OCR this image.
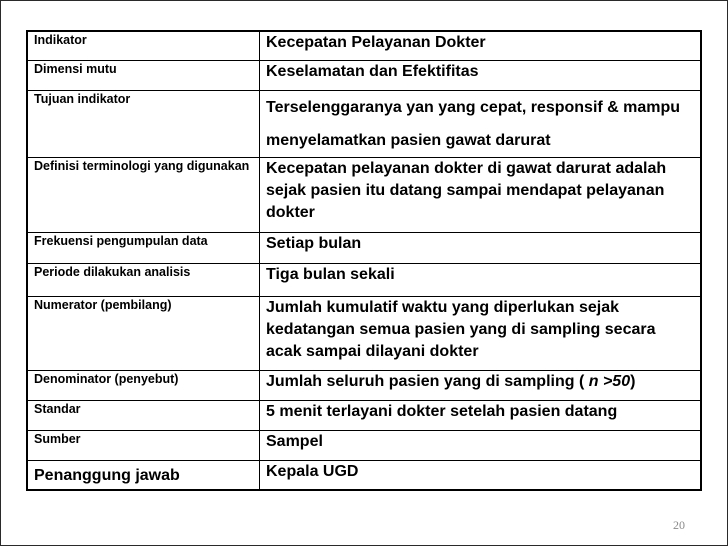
Indikator	Kecepatan Pelayanan Dokter
Dimensi mutu	Keselamatan dan Efektifitas
Tujuan indikator	Terselenggaranya yan yang cepat, responsif & mampu menyelamatkan pasien gawat darurat
Definisi terminologi yang digunakan	Kecepatan pelayanan dokter di gawat darurat adalah sejak pasien itu datang sampai mendapat pelayanan dokter
Frekuensi pengumpulan data	Setiap bulan
Periode dilakukan analisis	Tiga bulan sekali
Numerator (pembilang)	Jumlah kumulatif waktu yang diperlukan sejak kedatangan semua pasien yang di sampling secara acak sampai dilayani dokter
Denominator (penyebut)	Jumlah seluruh pasien yang di sampling ( n >50)
Standar	5 menit terlayani dokter setelah pasien datang
Sumber	Sampel
Penanggung jawab	Kepala UGD
20
